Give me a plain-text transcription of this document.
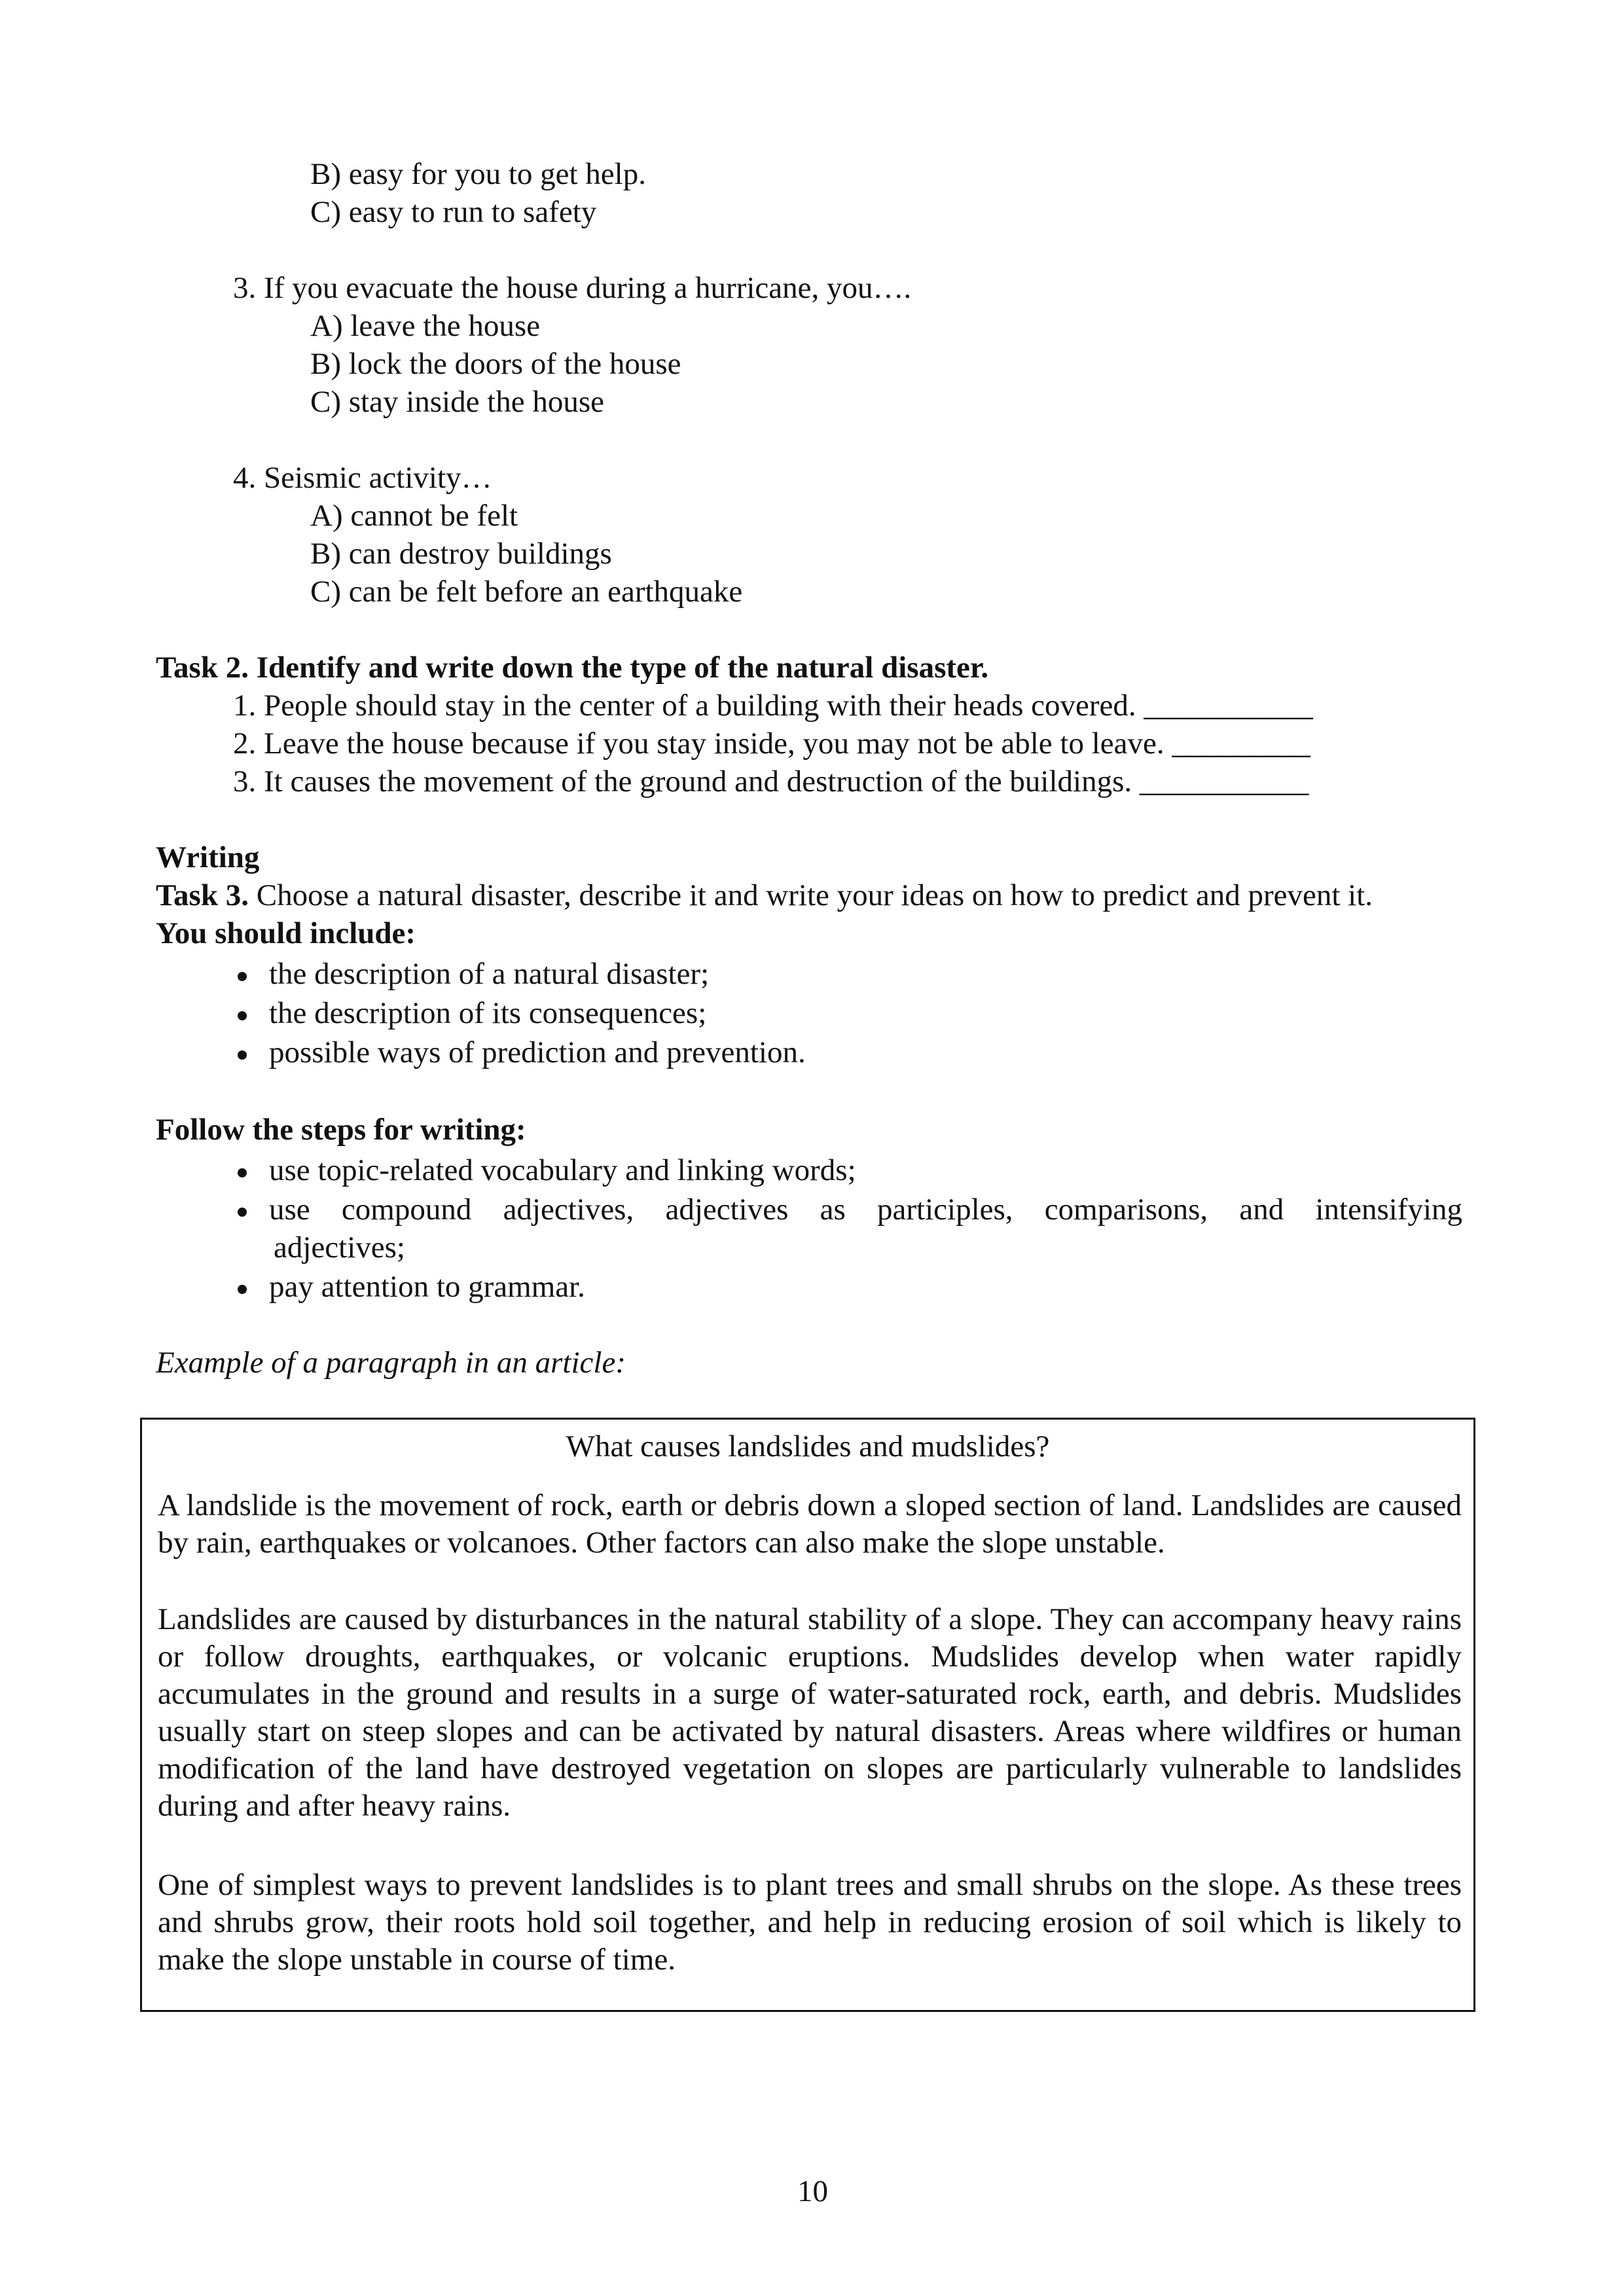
B) easy for you to get help.
C) easy to run to safety
3. If you evacuate the house during a hurricane, you….
A) leave the house
B) lock the doors of the house
C) stay inside the house
4. Seismic activity…
A) cannot be felt
B) can destroy buildings
C) can be felt before an earthquake
Task 2. Identify and write down the type of the natural disaster.
1. People should stay in the center of a building with their heads covered. ___________
2. Leave the house because if you stay inside, you may not be able to leave. _________
3. It causes the movement of the ground and destruction of the buildings. ___________
Writing
Task 3. Choose a natural disaster, describe it and write your ideas on how to predict and prevent it.
You should include:
the description of a natural disaster;
the description of its consequences;
possible ways of prediction and prevention.
Follow the steps for writing:
use topic-related vocabulary and linking words;
use compound adjectives, adjectives as participles, comparisons, and intensifying
adjectives;
pay attention to grammar.
Example of a paragraph in an article:
What causes landslides and mudslides?
A landslide is the movement of rock, earth or debris down a sloped section of land. Landslides are caused by rain, earthquakes or volcanoes. Other factors can also make the slope unstable.
Landslides are caused by disturbances in the natural stability of a slope. They can accompany heavy rains or follow droughts, earthquakes, or volcanic eruptions. Mudslides develop when water rapidly accumulates in the ground and results in a surge of water-saturated rock, earth, and debris. Mudslides usually start on steep slopes and can be activated by natural disasters. Areas where wildfires or human modification of the land have destroyed vegetation on slopes are particularly vulnerable to landslides during and after heavy rains.
One of simplest ways to prevent landslides is to plant trees and small shrubs on the slope. As these trees and shrubs grow, their roots hold soil together, and help in reducing erosion of soil which is likely to make the slope unstable in course of time.
10
